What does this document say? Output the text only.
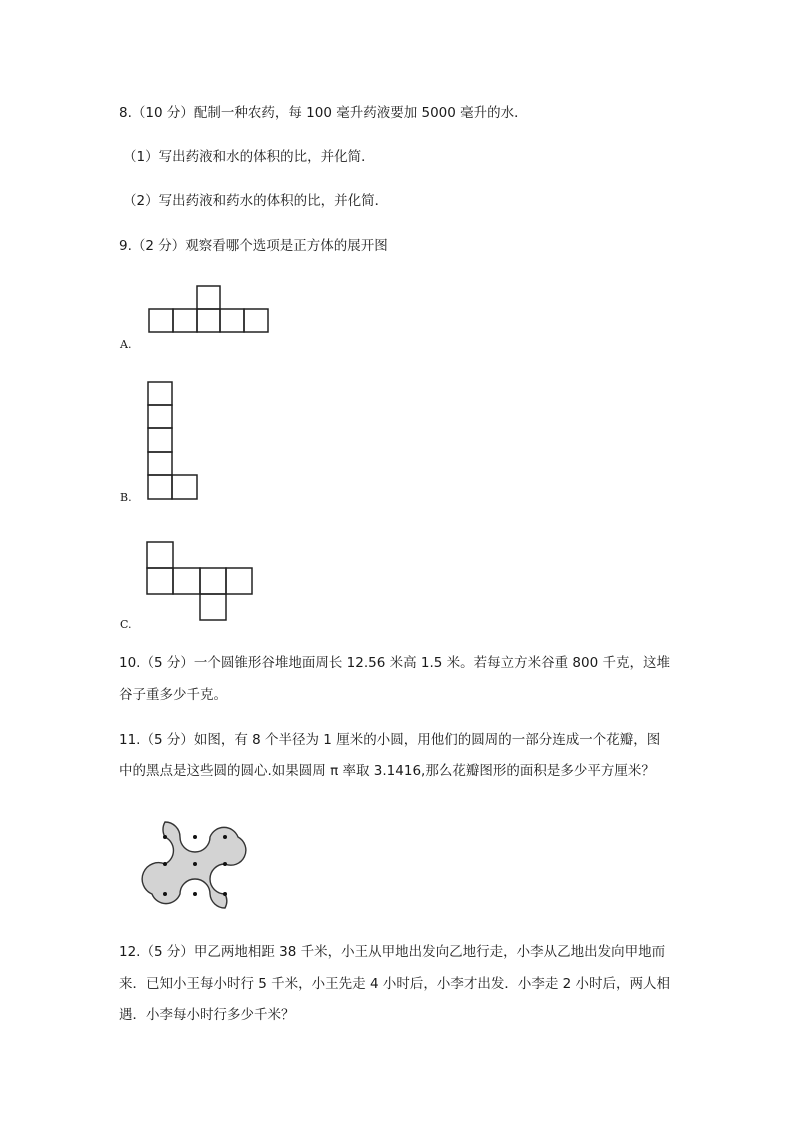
8.（10 分）配制一种农药，每 100 毫升药液要加 5000 毫升的水．
（1）写出药液和水的体积的比，并化简．
（2）写出药液和药水的体积的比，并化简．
9.（2 分）观察看哪个选项是正方体的展开图
A.
B.
C.
10.（5 分）一个圆锥形谷堆地面周长 12.56 米高 1.5 米。若每立方米谷重 800 千克，这堆
谷子重多少千克。
11.（5 分）如图，有 8 个半径为 1 厘米的小圆，用他们的圆周的一部分连成一个花瓣，图
中的黑点是这些圆的圆心.如果圆周 π 率取 3.1416,那么花瓣图形的面积是多少平方厘米？
12.（5 分）甲乙两地相距 38 千米，小王从甲地出发向乙地行走，小李从乙地出发向甲地而
来．已知小王每小时行 5 千米，小王先走 4 小时后，小李才出发．小李走 2 小时后，两人相
遇．小李每小时行多少千米？
